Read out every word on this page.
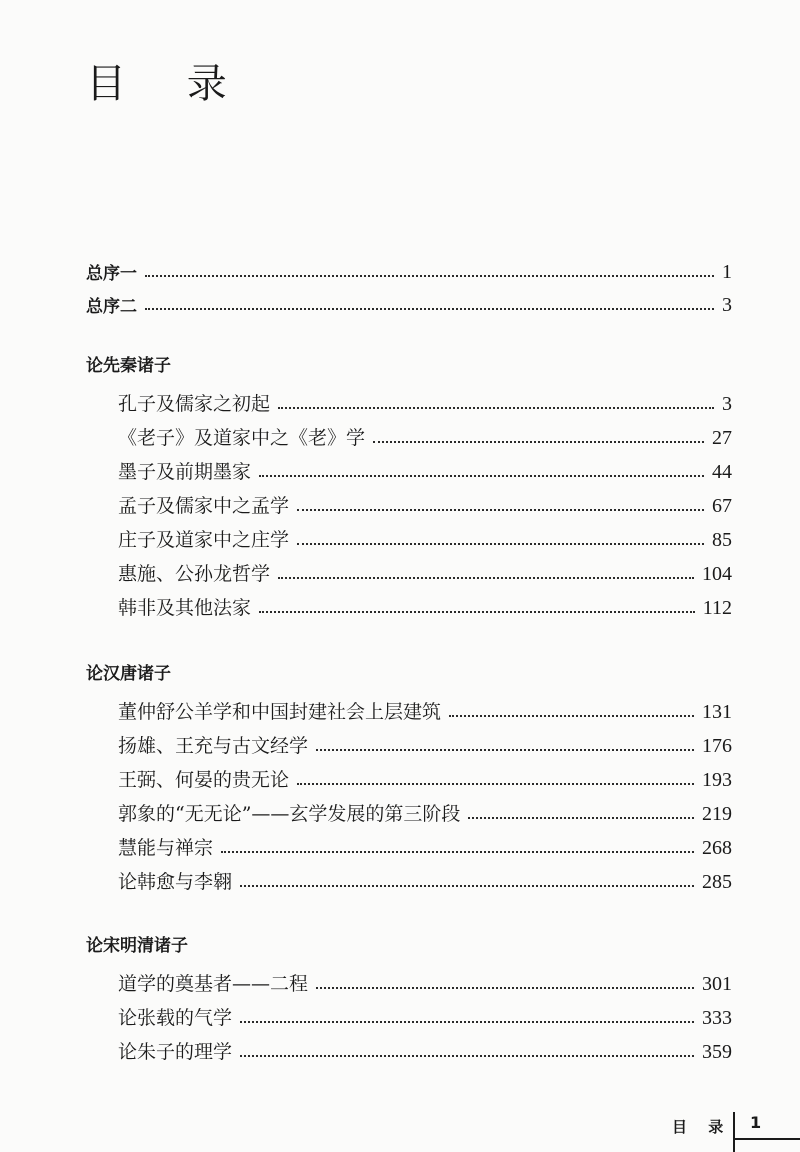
目 录
总序一	1
总序二	3
论先秦诸子
孔子及儒家之初起	3
《老子》及道家中之《老》学	27
墨子及前期墨家	44
孟子及儒家中之孟学	67
庄子及道家中之庄学	85
惠施、公孙龙哲学	104
韩非及其他法家	112
论汉唐诸子
董仲舒公羊学和中国封建社会上层建筑	131
扬雄、王充与古文经学	176
王弼、何晏的贵无论	193
郭象的“无无论”——玄学发展的第三阶段	219
慧能与禅宗	268
论韩愈与李翱	285
论宋明清诸子
道学的奠基者——二程	301
论张载的气学	333
论朱子的理学	359
目 录 1
